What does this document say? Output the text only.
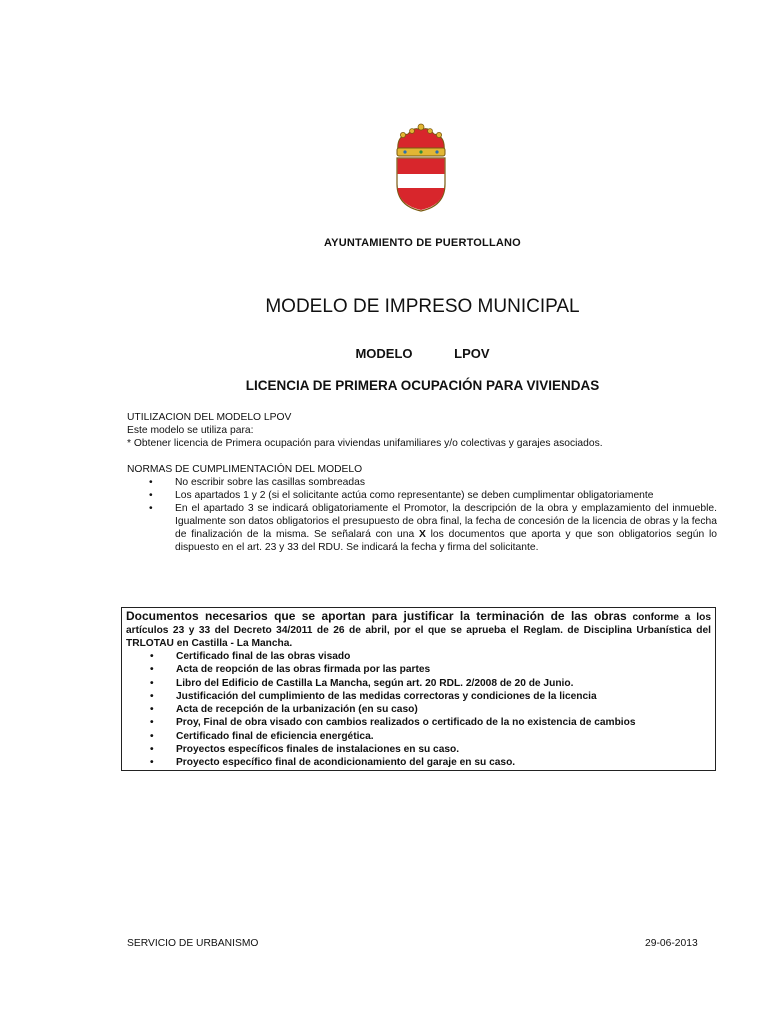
AYUNTAMIENTO DE PUERTOLLANO
MODELO DE IMPRESO MUNICIPAL
MODELO	LPOV
LICENCIA DE PRIMERA OCUPACIÓN PARA VIVIENDAS

UTILIZACION DEL MODELO LPOV

Este modelo se utiliza para:

* Obtener licencia de Primera ocupación para viviendas unifamiliares y/o colectivas y garajes asociados.

NORMAS DE CUMPLIMENTACIÓN DEL MODELO

• No escribir sobre las casillas sombreadas
• Los apartados 1 y 2 (si el solicitante actúa como representante) se deben cumplimentar obligatoriamente
• En el apartado 3 se indicará obligatoriamente el Promotor, la descripción de la obra y emplazamiento del inmueble. Igualmente son datos obligatorios el presupuesto de obra final, la fecha de concesión de la licencia de obras y la fecha de finalización de la misma. Se señalará con una X los documentos que aporta y que son obligatorios según lo dispuesto en el art. 23 y 33 del RDU. Se indicará la fecha y firma del solicitante.
Documentos necesarios que se aportan para justificar la terminación de las obras conforme a los artículos 23 y 33 del Decreto 34/2011 de 26 de abril, por el que se aprueba el Reglam. de Disciplina Urbanística del TRLOTAU en Castilla - La Mancha.
• Certificado final de las obras visado
• Acta de reopción de las obras firmada por las partes
• Libro del Edificio de Castilla La Mancha, según art. 20 RDL. 2/2008 de 20 de Junio.
• Justificación del cumplimiento de las medidas correctoras y condiciones de la licencia
• Acta de recepción de la urbanización (en su caso)
• Proy, Final de obra visado con cambios realizados o certificado de la no existencia de cambios
• Certificado final de eficiencia energética.
• Proyectos específicos finales de instalaciones en su caso.
• Proyecto específico final de acondicionamiento del garaje en su caso.
SERVICIO DE URBANISMO	29-06-2013
